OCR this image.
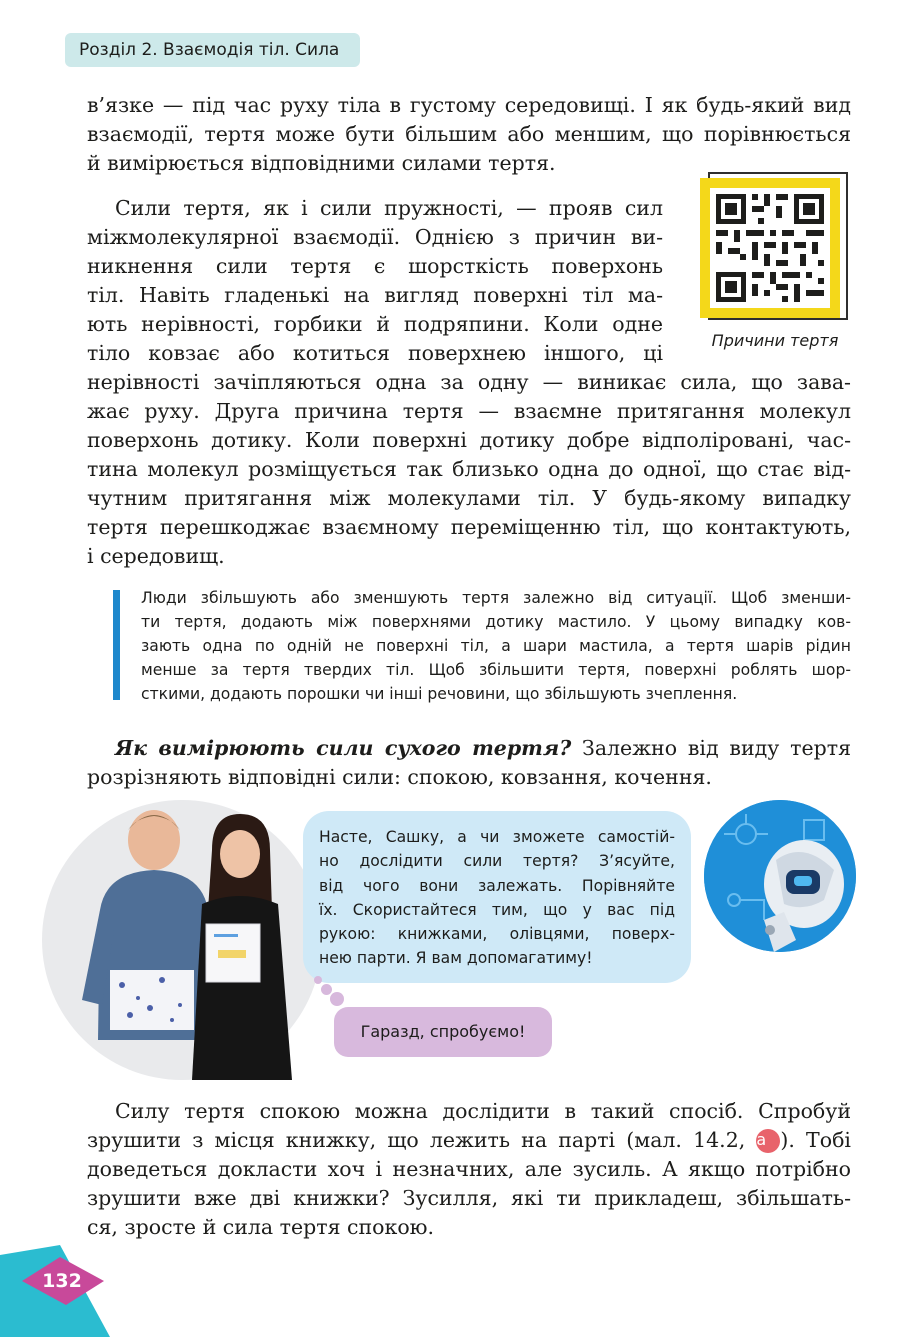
Розділ 2. Взаємодія тіл. Сила
в’язке — під час руху тіла в густому середовищі. І як будь-який вид
взаємодії, тертя може бути більшим або меншим, що порівнюється
й вимірюється відповідними силами тертя.
Сили тертя, як і сили пружності, — прояв сил
міжмолекулярної взаємодії. Однією з причин ви-
никнення сили тертя є шорсткість поверхонь
тіл. Навіть гладенькі на вигляд поверхні тіл ма-
ють нерівності, горбики й подряпини. Коли одне
тіло ковзає або котиться поверхнею іншого, ці
Причини тертя
нерівності зачіпляються одна за одну — виникає сила, що зава-
жає руху. Друга причина тертя — взаємне притягання молекул
поверхонь дотику. Коли поверхні дотику добре відполіровані, час-
тина молекул розміщується так близько одна до одної, що стає від-
чутним притягання між молекулами тіл. У будь-якому випадку
тертя перешкоджає взаємному переміщенню тіл, що контактують,
і середовищ.
Люди збільшують або зменшують тертя залежно від ситуації. Щоб зменши-
ти тертя, додають між поверхнями дотику мастило. У цьому випадку ков-
зають одна по одній не поверхні тіл, а шари мастила, а тертя шарів рідин
менше за тертя твердих тіл. Щоб збільшити тертя, поверхні роблять шор-
сткими, додають порошки чи інші речовини, що збільшують зчеплення.
Як вимірюють сили сухого тертя? Залежно від виду тертя
розрізняють відповідні сили: спокою, ковзання, кочення.
Насте, Сашку, а чи зможете самостій-
но дослідити сили тертя? З’ясуйте,
від чого вони залежать. Порівняйте
їх. Скористайтеся тим, що у вас під
рукою: книжками, олівцями, поверх-
нею парти. Я вам допомагатиму!
Гаразд, спробуємо!
Силу тертя спокою можна дослідити в такий спосіб. Спробуй
зрушити з місця книжку, що лежить на парті (мал. 14.2, а ). Тобі
доведеться докласти хоч і незначних, але зусиль. А якщо потрібно
зрушити вже дві книжки? Зусилля, які ти прикладеш, збільшать-
ся, зросте й сила тертя спокою.
132
